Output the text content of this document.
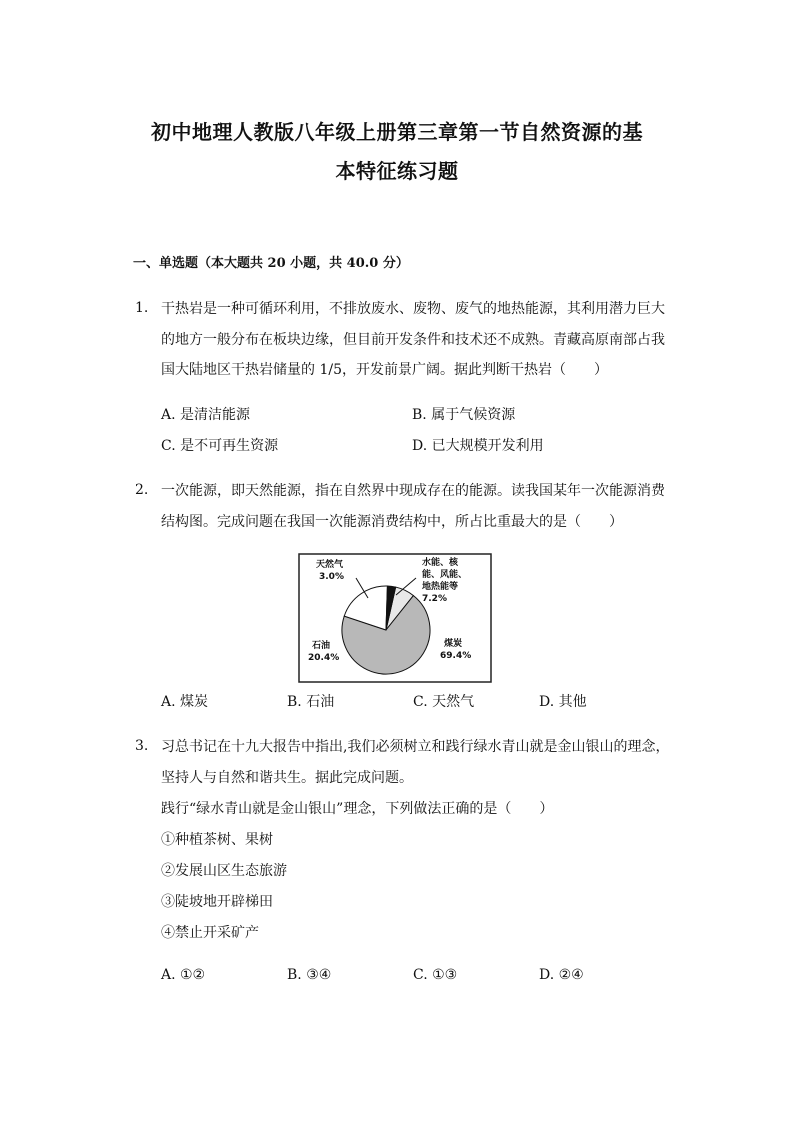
初中地理人教版八年级上册第三章第一节自然资源的基
本特征练习题
一、单选题（本大题共 20 小题，共 40.0 分）
1. 干热岩是一种可循环利用，不排放废水、废物、废气的地热能源，其利用潜力巨大
的地方一般分布在板块边缘，但目前开发条件和技术还不成熟。青藏高原南部占我
国大陆地区干热岩储量的 1/5，开发前景广阔。据此判断干热岩（　　）
A. 是清洁能源	B. 属于气候资源
C. 是不可再生资源	D. 已大规模开发利用
2. 一次能源，即天然能源，指在自然界中现成存在的能源。读我国某年一次能源消费
结构图。完成问题在我国一次能源消费结构中，所占比重最大的是（　　）
天然气
3.0%
水能、核
能、风能、
地热能等
7.2%
石油
20.4%
煤炭
69.4%
A. 煤炭	B. 石油	C. 天然气	D. 其他
3. 习总书记在十九大报告中指出,我们必须树立和践行绿水青山就是金山银山的理念，
坚持人与自然和谐共生。据此完成问题。
践行“绿水青山就是金山银山”理念，下列做法正确的是（　　）
①种植茶树、果树
②发展山区生态旅游
③陡坡地开辟梯田
④禁止开采矿产
A. ①②	B. ③④	C. ①③	D. ②④
